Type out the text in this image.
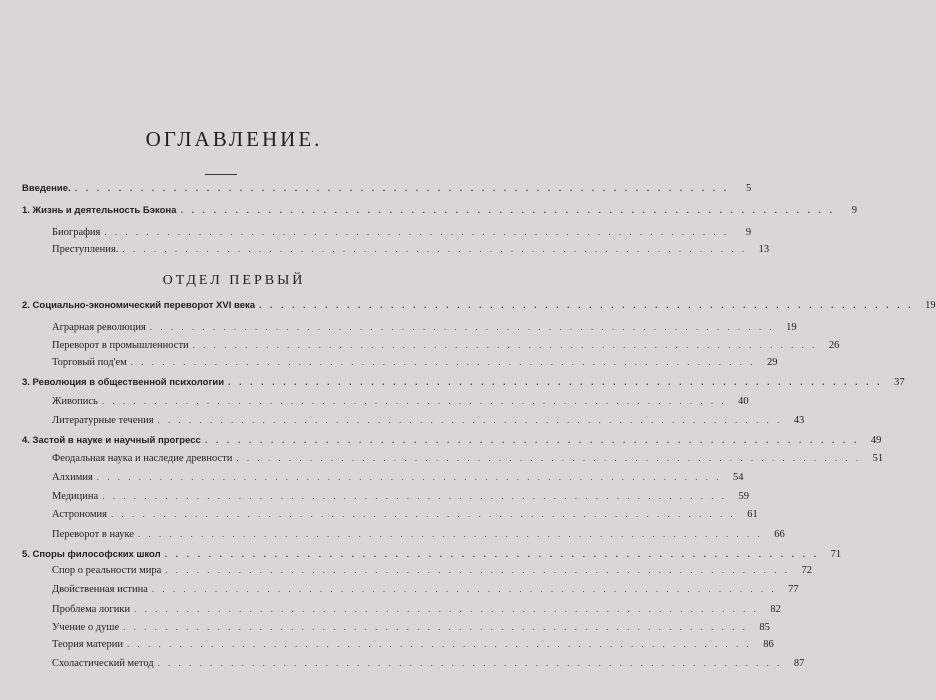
ОГЛАВЛЕНИЕ.
ОТДЕЛ ПЕРВЫЙ
Введение. . . . . . . . . . . . . . . . . . . . . . . . . . . . . . . . . . . . . . . . . . . . . . . . . . . . . . . . . . . . .	5
1. Жизнь и деятельность Бэкона . . . . . . . . . . . . . . . . . . . . . . . . . . . . . . . . . . . . . . . . . . . . . . . . . . . . . . . . . . . .	9
Биография . . . . . . . . . . . . . . . . . . . . . . . . . . . . . . . . . . . . . . . . . . . . . . . . . . . . . . . . . . . .	9
Преступления. . . . . . . . . . . . . . . . . . . . . . . . . . . . . . . . . . . . . . . . . . . . . . . . . . . . . . . . . . . . .	13
2. Социально-экономический переворот XVI века . . . . . . . . . . . . . . . . . . . . . . . . . . . . . . . . . . . . . . . . . . . . . . . . . . . . . . . . . . . .	19
Аграрная революция . . . . . . . . . . . . . . . . . . . . . . . . . . . . . . . . . . . . . . . . . . . . . . . . . . . . . . . . . . . .	19
Переворот в промышленности . . . . . . . . . . . . . . . . . . . . . . . . . . . . . . . . . . . . . . . . . . . . . . . . . . . . . . . . . . . .	26
Торговый под'ем . . . . . . . . . . . . . . . . . . . . . . . . . . . . . . . . . . . . . . . . . . . . . . . . . . . . . . . . . . . .	29
3. Революция в общественной психологии . . . . . . . . . . . . . . . . . . . . . . . . . . . . . . . . . . . . . . . . . . . . . . . . . . . . . . . . . . . .	37
Живопись . . . . . . . . . . . . . . . . . . . . . . . . . . . . . . . . . . . . . . . . . . . . . . . . . . . . . . . . . . . .	40
Литературные течения . . . . . . . . . . . . . . . . . . . . . . . . . . . . . . . . . . . . . . . . . . . . . . . . . . . . . . . . . . . .	43
4. Застой в науке и научный прогресс . . . . . . . . . . . . . . . . . . . . . . . . . . . . . . . . . . . . . . . . . . . . . . . . . . . . . . . . . . . .	49
Феодальная наука и наследие древности . . . . . . . . . . . . . . . . . . . . . . . . . . . . . . . . . . . . . . . . . . . . . . . . . . . . . . . . . . . .	51
Алхимия . . . . . . . . . . . . . . . . . . . . . . . . . . . . . . . . . . . . . . . . . . . . . . . . . . . . . . . . . . . .	54
Медицина . . . . . . . . . . . . . . . . . . . . . . . . . . . . . . . . . . . . . . . . . . . . . . . . . . . . . . . . . . . .	59
Астрономия . . . . . . . . . . . . . . . . . . . . . . . . . . . . . . . . . . . . . . . . . . . . . . . . . . . . . . . . . . . .	61
Переворот в науке . . . . . . . . . . . . . . . . . . . . . . . . . . . . . . . . . . . . . . . . . . . . . . . . . . . . . . . . . . . .	66
5. Споры философских школ . . . . . . . . . . . . . . . . . . . . . . . . . . . . . . . . . . . . . . . . . . . . . . . . . . . . . . . . . . . .	71
Спор о реальности мира . . . . . . . . . . . . . . . . . . . . . . . . . . . . . . . . . . . . . . . . . . . . . . . . . . . . . . . . . . . .	72
Двойственная истина . . . . . . . . . . . . . . . . . . . . . . . . . . . . . . . . . . . . . . . . . . . . . . . . . . . . . . . . . . . .	77
Проблема логики . . . . . . . . . . . . . . . . . . . . . . . . . . . . . . . . . . . . . . . . . . . . . . . . . . . . . . . . . . . .	82
Учение о душе . . . . . . . . . . . . . . . . . . . . . . . . . . . . . . . . . . . . . . . . . . . . . . . . . . . . . . . . . . . .	85
Теория материи . . . . . . . . . . . . . . . . . . . . . . . . . . . . . . . . . . . . . . . . . . . . . . . . . . . . . . . . . . . .	86
Схоластический метод . . . . . . . . . . . . . . . . . . . . . . . . . . . . . . . . . . . . . . . . . . . . . . . . . . . . . . . . . . . .	87
